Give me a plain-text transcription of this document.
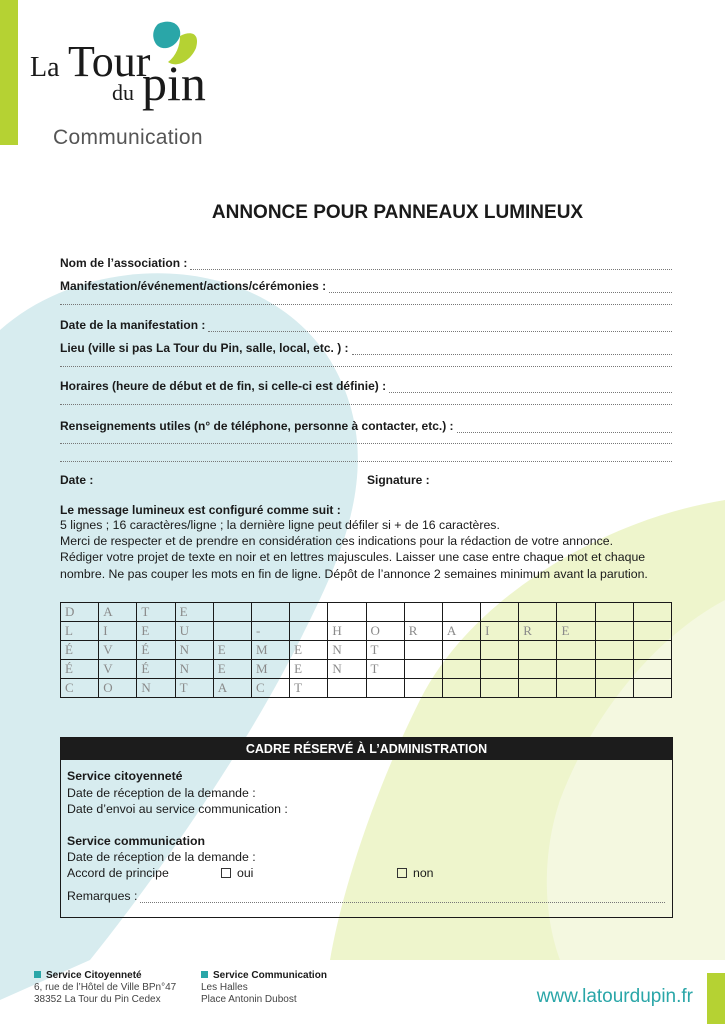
La Tour
du pin
Communication
ANNONCE POUR PANNEAUX LUMINEUX
Nom de l’association :
Manifestation/événement/actions/cérémonies :
Date de la manifestation :
Lieu (ville si pas La Tour du Pin, salle, local, etc. ) :
Horaires (heure de début et de fin, si celle-ci est définie) :
Renseignements utiles (n° de téléphone, personne à contacter, etc.) :
Date :	Signature :
Le message lumineux est configuré comme suit :
5 lignes ; 16 caractères/ligne ; la dernière ligne peut défiler si + de 16 caractères.
Merci de respecter et de prendre en considération ces indications pour la rédaction de votre annonce.
Rédiger votre projet de texte en noir et en lettres majuscules. Laisser une case entre chaque mot et chaque
nombre. Ne pas couper les mots en fin de ligne. Dépôt de l’annonce 2 semaines minimum avant la parution.
D	A	T	E												
L	I	E	U		-		H	O	R	A	I	R	E		
É	V	É	N	E	M	E	N	T							
É	V	É	N	E	M	E	N	T							
C	O	N	T	A	C	T									
CADRE RÉSERVÉ À L’ADMINISTRATION
Service citoyenneté
Date de réception de la demande :
Date d’envoi au service communication :
Service communication
Date de réception de la demande :
Accord de principe	oui	non
Remarques :
Service Citoyenneté
6, rue de l’Hôtel de Ville BPn°47
38352 La Tour du Pin Cedex
Service Communication
Les Halles
Place Antonin Dubost	www.latourdupin.fr
